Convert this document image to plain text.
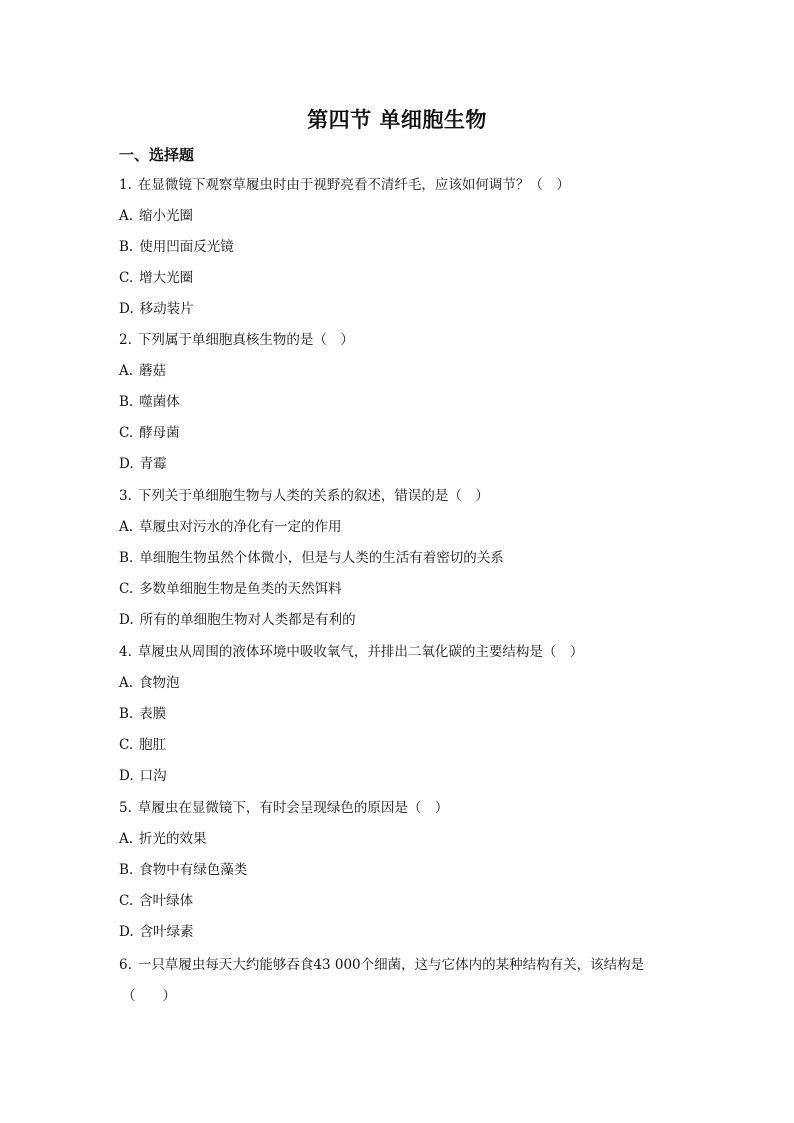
第四节 单细胞生物
一、选择题
1. 在显微镜下观察草履虫时由于视野亮看不清纤毛，应该如何调节？（　）
A. 缩小光圈
B. 使用凹面反光镜
C. 增大光圈
D. 移动装片
2. 下列属于单细胞真核生物的是（　）
A. 蘑菇
B. 噬菌体
C. 酵母菌
D. 青霉
3. 下列关于单细胞生物与人类的关系的叙述，错误的是（　）
A. 草履虫对污水的净化有一定的作用
B. 单细胞生物虽然个体微小，但是与人类的生活有着密切的关系
C. 多数单细胞生物是鱼类的天然饵料
D. 所有的单细胞生物对人类都是有利的
4. 草履虫从周围的液体环境中吸收氧气，并排出二氧化碳的主要结构是（　）
A. 食物泡
B. 表膜
C. 胞肛
D. 口沟
5. 草履虫在显微镜下，有时会呈现绿色的原因是（　）
A. 折光的效果
B. 食物中有绿色藻类
C. 含叶绿体
D. 含叶绿素
6. 一只草履虫每天大约能够吞食43 000个细菌，这与它体内的某种结构有关，该结构是
（　　）
